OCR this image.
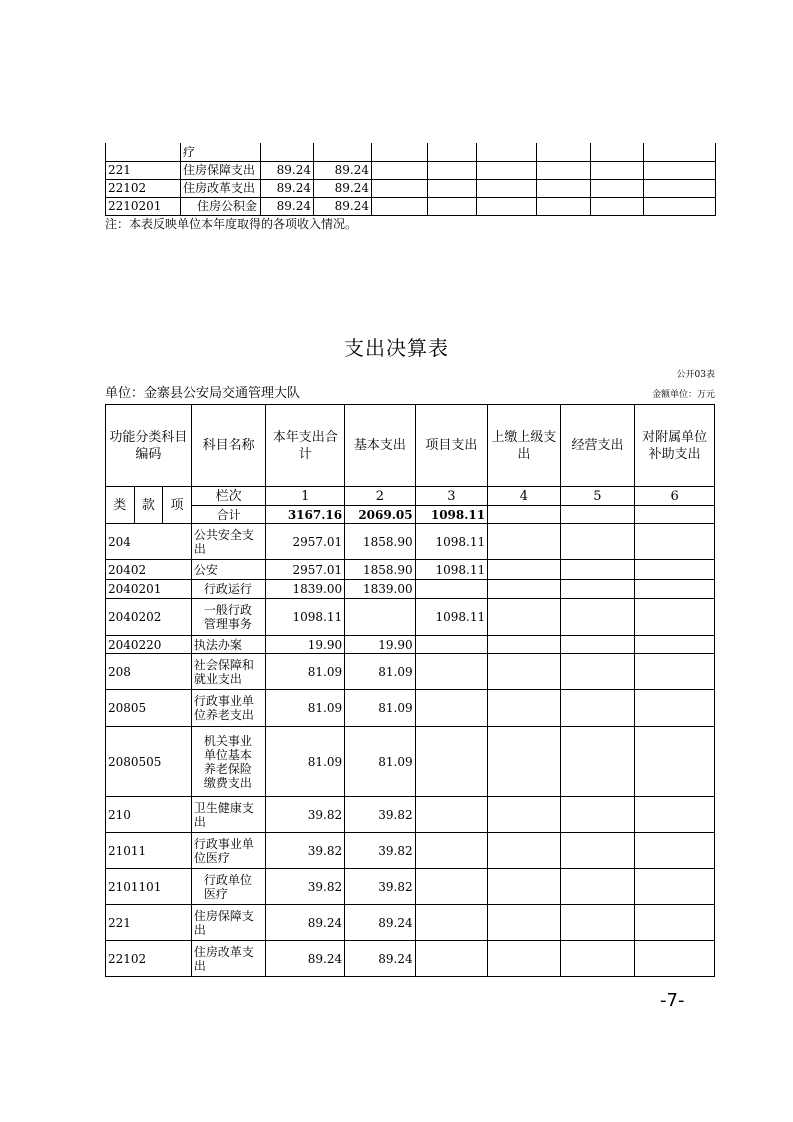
	疗								
221	住房保障支出	89.24	89.24						
22102	住房改革支出	89.24	89.24						
2210201	住房公积金	89.24	89.24						
注：本表反映单位本年度取得的各项收入情况。
支出决算表
公开03表
单位：金寨县公安局交通管理大队	金额单位：万元
功能分类科目编码			科目名称	本年支出合计	基本支出	项目支出	上缴上级支出	经营支出	对附属单位补助支出
类	款	项	栏次	1	2	3	4	5	6
			合计	3167.16	2069.05	1098.11			
204			公共安全支出	2957.01	1858.90	1098.11			
20402			公安	2957.01	1858.90	1098.11			
2040201			行政运行	1839.00	1839.00				
2040202			一般行政管理事务	1098.11		1098.11			
2040220			执法办案	19.90	19.90				
208			社会保障和就业支出	81.09	81.09				
20805			行政事业单位养老支出	81.09	81.09				
2080505			机关事业单位基本养老保险缴费支出	81.09	81.09				
210			卫生健康支出	39.82	39.82				
21011			行政事业单位医疗	39.82	39.82				
2101101			行政单位医疗	39.82	39.82				
221			住房保障支出	89.24	89.24				
22102			住房改革支出	89.24	89.24				
-7-
